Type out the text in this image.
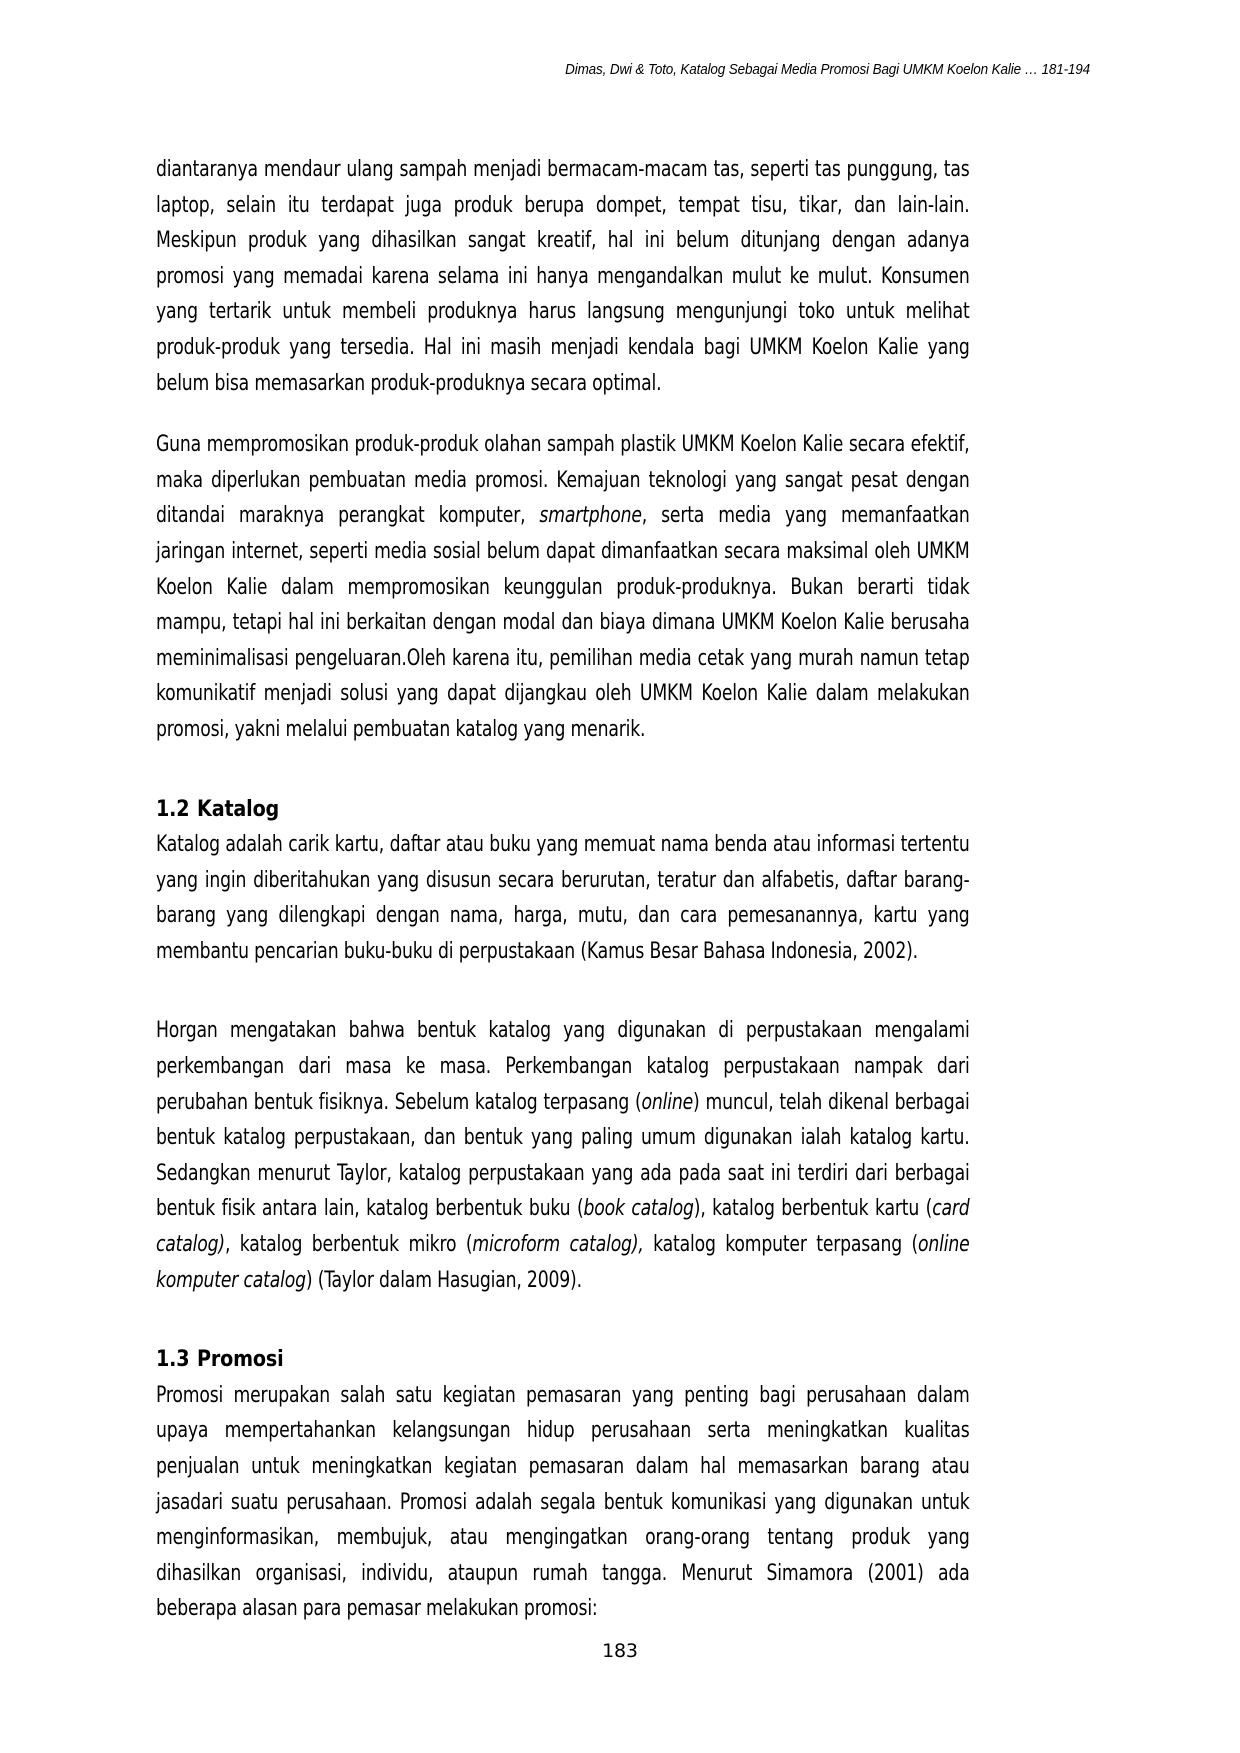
Dimas, Dwi & Toto, Katalog Sebagai Media Promosi Bagi UMKM Koelon Kalie … 181-194

diantaranya mendaur ulang sampah menjadi bermacam-macam tas, seperti tas punggung, tas laptop, selain itu terdapat juga produk berupa dompet, tempat tisu, tikar, dan lain-lain. Meskipun produk yang dihasilkan sangat kreatif, hal ini belum ditunjang dengan adanya promosi yang memadai karena selama ini hanya mengandalkan mulut ke mulut. Konsumen yang tertarik untuk membeli produknya harus langsung mengunjungi toko untuk melihat produk-produk yang tersedia. Hal ini masih menjadi kendala bagi UMKM Koelon Kalie yang belum bisa memasarkan produk-produknya secara optimal.

Guna mempromosikan produk-produk olahan sampah plastik UMKM Koelon Kalie secara efektif, maka diperlukan pembuatan media promosi. Kemajuan teknologi yang sangat pesat dengan ditandai maraknya perangkat komputer, smartphone, serta media yang memanfaatkan jaringan internet, seperti media sosial belum dapat dimanfaatkan secara maksimal oleh UMKM Koelon Kalie dalam mempromosikan keunggulan produk-produknya. Bukan berarti tidak mampu, tetapi hal ini berkaitan dengan modal dan biaya dimana UMKM Koelon Kalie berusaha meminimalisasi pengeluaran.Oleh karena itu, pemilihan media cetak yang murah namun tetap komunikatif menjadi solusi yang dapat dijangkau oleh UMKM Koelon Kalie dalam melakukan promosi, yakni melalui pembuatan katalog yang menarik.

1.2 Katalog

Katalog adalah carik kartu, daftar atau buku yang memuat nama benda atau informasi tertentu yang ingin diberitahukan yang disusun secara berurutan, teratur dan alfabetis, daftar barang-barang yang dilengkapi dengan nama, harga, mutu, dan cara pemesanannya, kartu yang membantu pencarian buku-buku di perpustakaan (Kamus Besar Bahasa Indonesia, 2002).

Horgan mengatakan bahwa bentuk katalog yang digunakan di perpustakaan mengalami perkembangan dari masa ke masa. Perkembangan katalog perpustakaan nampak dari perubahan bentuk fisiknya. Sebelum katalog terpasang (online) muncul, telah dikenal berbagai bentuk katalog perpustakaan, dan bentuk yang paling umum digunakan ialah katalog kartu. Sedangkan menurut Taylor, katalog perpustakaan yang ada pada saat ini terdiri dari berbagai bentuk fisik antara lain, katalog berbentuk buku (book catalog), katalog berbentuk kartu (card catalog), katalog berbentuk mikro (microform catalog), katalog komputer terpasang (online komputer catalog) (Taylor dalam Hasugian, 2009).

1.3 Promosi

Promosi merupakan salah satu kegiatan pemasaran yang penting bagi perusahaan dalam upaya mempertahankan kelangsungan hidup perusahaan serta meningkatkan kualitas penjualan untuk meningkatkan kegiatan pemasaran dalam hal memasarkan barang atau jasadari suatu perusahaan. Promosi adalah segala bentuk komunikasi yang digunakan untuk menginformasikan, membujuk, atau mengingatkan orang-orang tentang produk yang dihasilkan organisasi, individu, ataupun rumah tangga. Menurut Simamora (2001) ada beberapa alasan para pemasar melakukan promosi:

183
